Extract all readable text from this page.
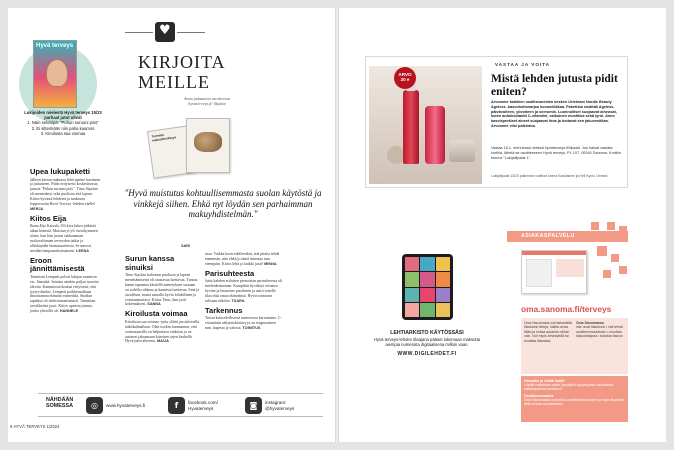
Hyvä terveys
Lukijoiden mielestä Hyvä terveys 15/23 parhaat jutut olivat
1. Näin selvisipä: "Puhun suruuni pois"
2. Ei sittenkään niin paha kaamos
3. Kiroilusta saa voimaa
Upea lukupaketti

Jälleen kerran mahtava lehti upeine kuvineen ja juttuineen. Pidin erityisesti koskettavasta jutusta "Puhun suruuni pois". Timo Sipolan oli menettänyt sekä puolison että lapsen. Kiitos hyvästä lehdestä ja mukavaa loppuvuotta Hyvä Terveys -lehden väelle! MERJA

Kiitos Eija

Ihana Eija Kaisula. Oli kiva lukea pitkästä aikaa hänestä. Muistan jo yli vuosikymmen sitten, kun hän juonsi rakkaaaman ruokavalioman terveyden taikia ja allerkäytäkt luomutuotteista. Se innosti meidän lampaasuksissamme. LEENA

Eroon jännittämisestä

Tunnistin Lempeät polvat lukijan numeron etc. Jännitää. Jutuista sainkin paljon tuoreita ideoita. Kammiosta koulun erityisesti, että tyytyväiseksi. Lempeät poikkeusaikana ilmoittamaa elämäni esimerkki. Sinäkin tapahtui oli tiedostamattomasti. Tunnistan tarvikkeista juuri. Kiitos upeasta jutusta, jonka yleisöllä oli. HANNELE

♥
KIRJOITA
MEILLE
Anna palautetta osoitteessa hyvaterveys.fi/ lilpalat
Tunnista makuyliherkkyys
"Hyvä muistutus kohtuullisemmasta suolan käytöstä ja vinkkejä siihen. Ehkä nyt löydän sen parhaimman makuyhdistelmän."
SARI
Surun kanssa sinuiksi

Timo Sipolan kokemus puolison ja lapsen menettämisestä oli raastavaa luettavaa. Tuntuu hänen tapaansa käsitellä menetyksen suruaan on todella rohkeaa ja kaunista luettavaa. Sinä ja surullisen, mutta samalla hyvin lohdullinen ja voimaannuttava. Kiitos Timo, kun jaoit kokemuksesi. SANNA

Kiroilusta voimaa

Kiroilusta saa voimaa -juttu yllätti positiivisella näkökulmallaan. Olen itsekin huomannut, että voimasanoilla on helpottava vaikutus ja ne auttavat jaksamaan kiireisen arjen keskellä. Hyvä juttu aiheesta. MAIJA

seaa. Vaikka koen edelleenkin, että pitäisi tehdä enemmän, niin ehkä jo tämä innostaa taas eteenpäin. Kiitos lehti ja kaikki jutut! MINNA

Parisuhteesta

Jutut kahden erilaisen persoonan parisuhteesta oli mielenkiintoinen. Kumpikin hyväksyi toisensa hyvine ja huonoine puolineen ja antoi toiselle tilaa eikä omaa elämäänsä. Hyvin toimivan tulisaan näköön. TSARA

Tarkennus

Toisin kuin edellisessä numerossa kerroimme, C-vitamiinin säilymiskestävyys on riippuvainen mm. hapesta ja valosta. TOIMITUS

NÄHDÄÄN
SOMESSA	◎	www.hyvaterveys.fi	f	facebook.com/
Hyvaterveys	◙	instagram:
@hyvaterveys
6 HYVÄ TERVEYS 1/2024
ARVO
30 e
VASTAA JA VOITA
Mistä lehden jutusta pidit eniten?
Arvomme kaikkien osallistuneiden kesken Urtekram Nordic Beauty Ageless -kasvohoitosarjan kosmetiikkaa. Paketista sisältää Ageless-päivävoiteen, yövoiteen ja seerumin. Luonnolliset suojaavat aineosat, kuten antioksidantti C-vitamiini, valkoinen mustikka sekä tyrni. Aimo kasvisperäiset aineet suojaavat ihoa ja hoitavat sen jakuvesitilaa. Arvomme viisi palkintoa.
Vastaa 16.1. mennessä netissä hyvaterveys.fi/lilpalat. Jos haluat vastata kortilla, lähetä se osoitteeseen Hyvä terveys, PL 107, 00040 Sanoma. Korttiin tunnus "Lukijalilpalat 1".
Lukijalilpalat 13/23 palkinnon voittivat Leena Kaukiainen ja Heli Kynsi. Onnea!
LEHTIARKISTO KÄYTÖSSÄSI
Hyvä terveys-lehden tilaajana pääset lukemaan maksutta aiempia numeroita digitaalisena milloin vaan.
WWW.DIGILEHDET.FI
ASIAKASPALVELU
oma.sanoma.fi/terveys
Oma Sanomasta voit tarkastella tilauksesi tietoja, hallita omaa tiliäsi ja hoitaa asiointia milloin vain. Voit myös keskeyttää tai muuttaa tilaustasi.
Oma Sanomassa:
näe omat tilauksesi • voit tehdä osoitteenmuutoksen • muuttaa laskutustapaa • tulostaa laskun
Haluatko jo tietää lisää?
Löydät vastauksia usein kysyttyihin kysymyksiin osoitteesta asiakaspalvelu.sanoma.fi
Osoitteenmuutos
Oma Sanomassa voit tehdä osoitteenmuutoksen ja myös tilaamasi lehti seuraa muuttaessasi.
